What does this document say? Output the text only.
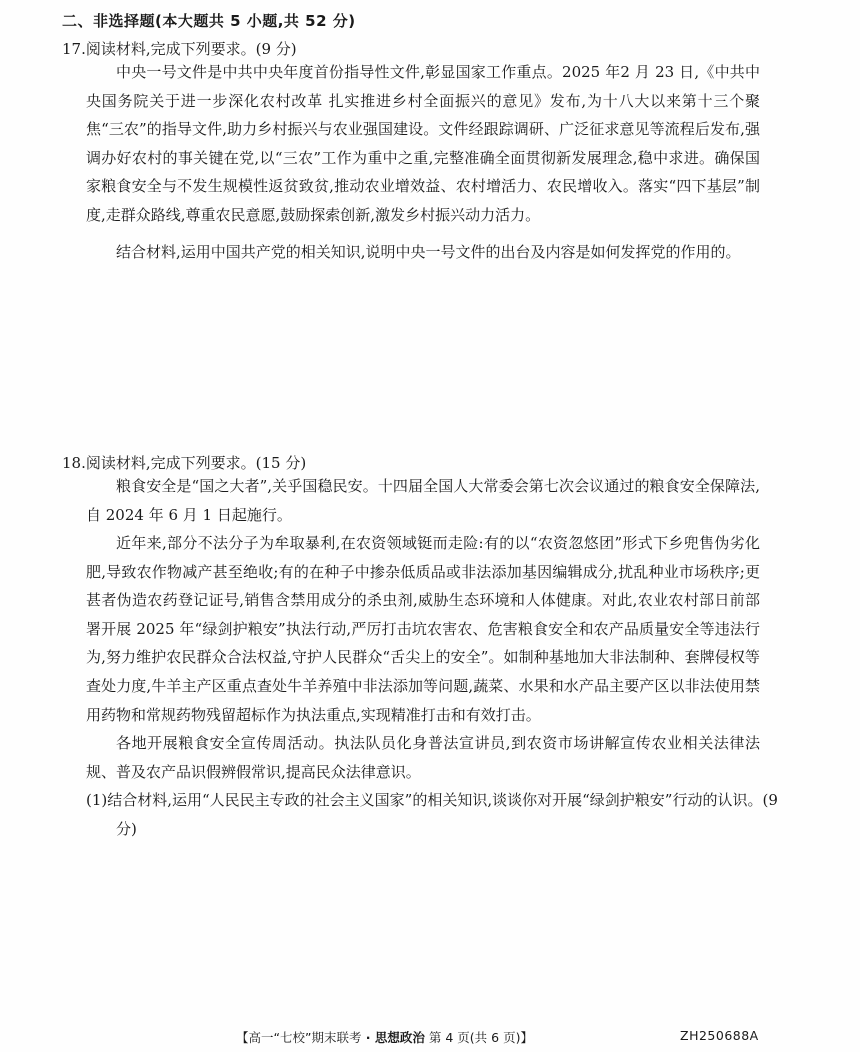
二、非选择题(本大题共 5 小题,共 52 分)
17.阅读材料,完成下列要求。(9 分)

中央一号文件是中共中央年度首份指导性文件,彰显国家工作重点。2025 年2 月 23 日,《中共中央国务院关于进一步深化农村改革 扎实推进乡村全面振兴的意见》发布,为十八大以来第十三个聚焦“三农”的指导文件,助力乡村振兴与农业强国建设。文件经跟踪调研、广泛征求意见等流程后发布,强调办好农村的事关键在党,以“三农”工作为重中之重,完整准确全面贯彻新发展理念,稳中求进。确保国家粮食安全与不发生规模性返贫致贫,推动农业增效益、农村增活力、农民增收入。落实“四下基层”制度,走群众路线,尊重农民意愿,鼓励探索创新,激发乡村振兴动力活力。

结合材料,运用中国共产党的相关知识,说明中央一号文件的出台及内容是如何发挥党的作用的。

18.阅读材料,完成下列要求。(15 分)

粮食安全是“国之大者”,关乎国稳民安。十四届全国人大常委会第七次会议通过的粮食安全保障法,自 2024 年 6 月 1 日起施行。

近年来,部分不法分子为牟取暴利,在农资领域铤而走险:有的以“农资忽悠团”形式下乡兜售伪劣化肥,导致农作物减产甚至绝收;有的在种子中掺杂低质品或非法添加基因编辑成分,扰乱种业市场秩序;更甚者伪造农药登记证号,销售含禁用成分的杀虫剂,威胁生态环境和人体健康。对此,农业农村部日前部署开展 2025 年“绿剑护粮安”执法行动,严厉打击坑农害农、危害粮食安全和农产品质量安全等违法行为,努力维护农民群众合法权益,守护人民群众“舌尖上的安全”。如制种基地加大非法制种、套牌侵权等查处力度,牛羊主产区重点查处牛羊养殖中非法添加等问题,蔬菜、水果和水产品主要产区以非法使用禁用药物和常规药物残留超标作为执法重点,实现精准打击和有效打击。

各地开展粮食安全宣传周活动。执法队员化身普法宣讲员,到农资市场讲解宣传农业相关法律法规、普及农产品识假辨假常识,提高民众法律意识。

(1)结合材料,运用“人民民主专政的社会主义国家”的相关知识,谈谈你对开展“绿剑护粮安”行动的认识。(9 分)

【高一“七校”期末联考 · 思想政治 第 4 页(共 6 页)】	ZH250688A
